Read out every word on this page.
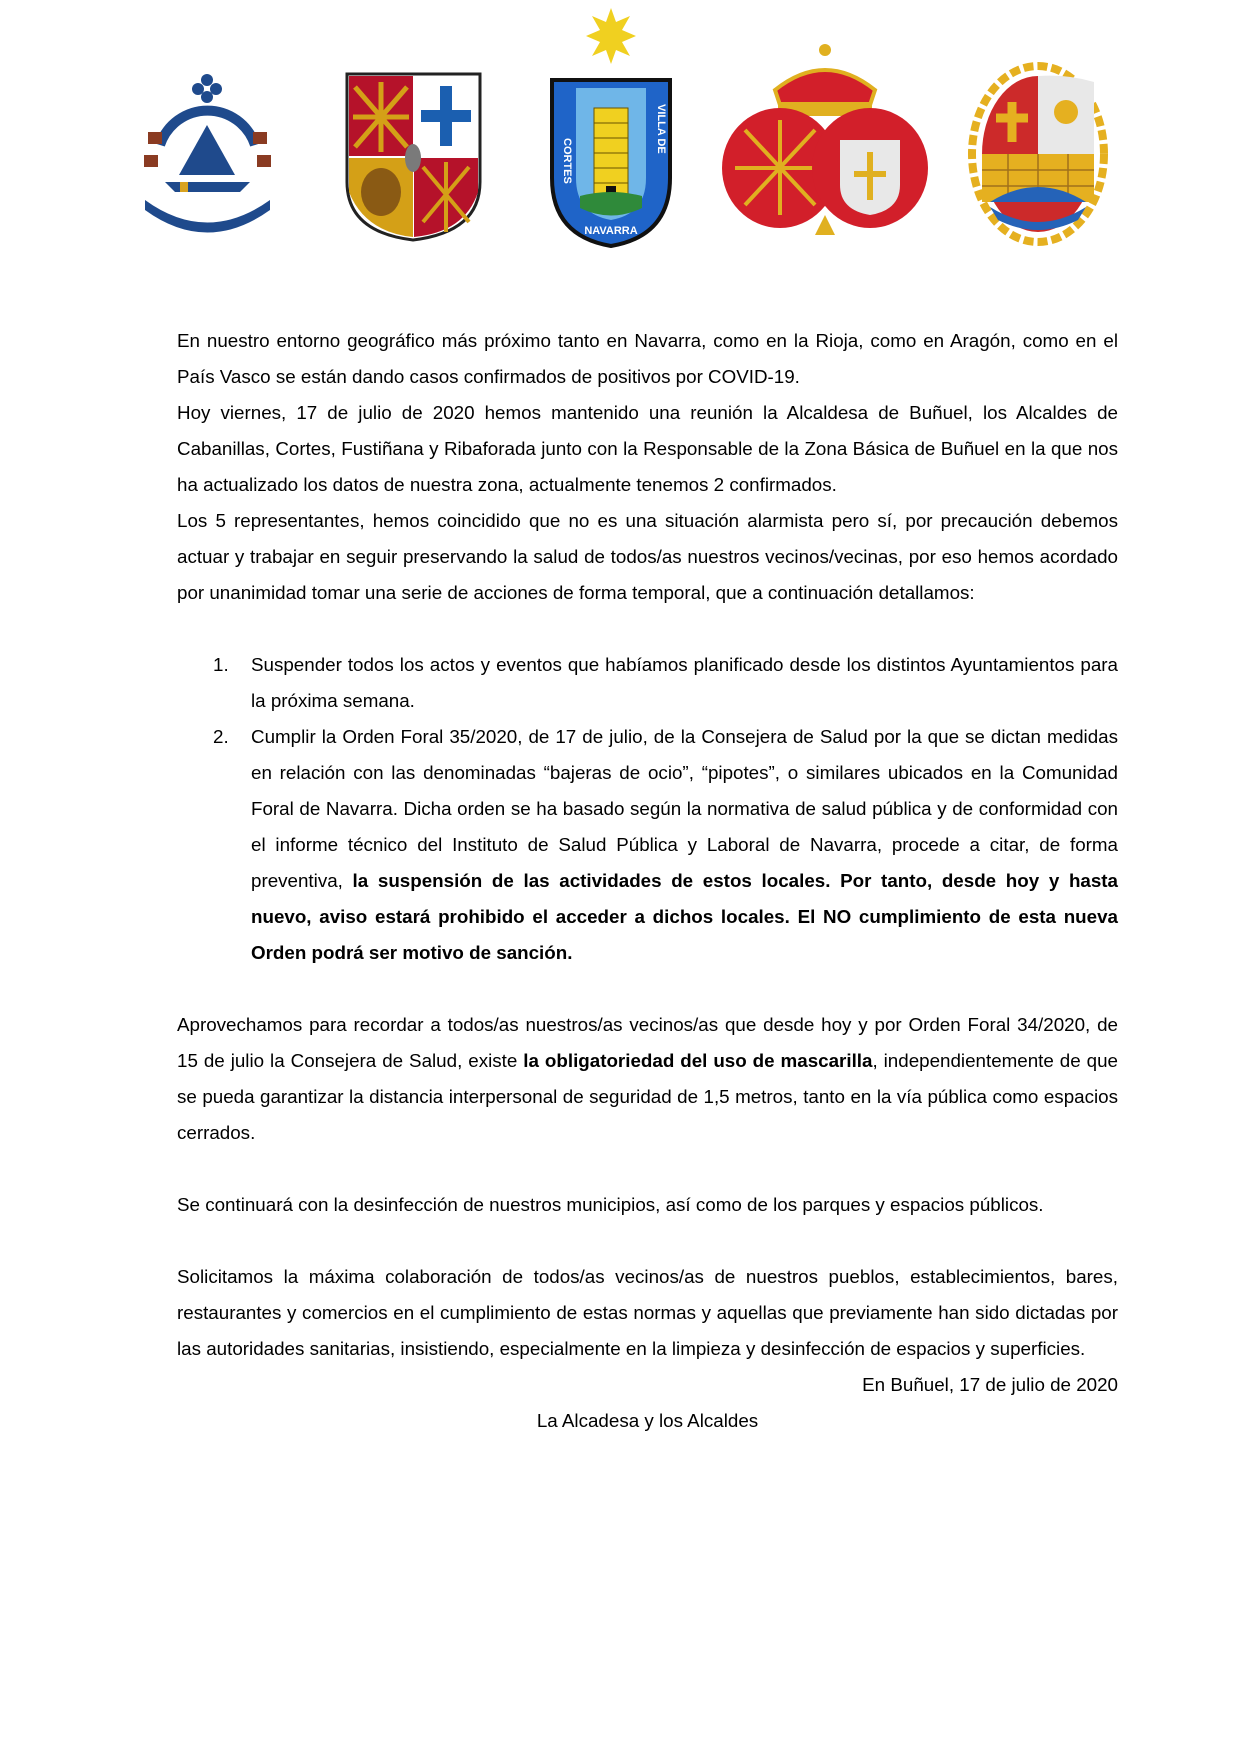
CORTES
VILLA DE
NAVARRA

En nuestro entorno geográfico más próximo tanto en Navarra, como en la Rioja, como en Aragón, como en el País Vasco se están dando casos confirmados de positivos por COVID-19.

Hoy viernes, 17 de julio de 2020 hemos mantenido una reunión la Alcaldesa de Buñuel, los Alcaldes de Cabanillas, Cortes, Fustiñana y Ribaforada junto con la Responsable de la Zona Básica de Buñuel en la que nos ha actualizado los datos de nuestra zona, actualmente tenemos 2 confirmados.

Los 5 representantes, hemos coincidido que no es una situación alarmista pero sí, por precaución debemos actuar y trabajar en seguir preservando la salud de todos/as nuestros vecinos/vecinas, por eso hemos acordado por unanimidad tomar una serie de acciones de forma temporal, que a continuación detallamos:

1. Suspender todos los actos y eventos que habíamos planificado desde los distintos Ayuntamientos para la próxima semana.
2. Cumplir la Orden Foral 35/2020, de 17 de julio, de la Consejera de Salud por la que se dictan medidas en relación con las denominadas “bajeras de ocio”, “pipotes”, o similares ubicados en la Comunidad Foral de Navarra. Dicha orden se ha basado según la normativa de salud pública y de conformidad con el informe técnico del Instituto de Salud Pública y Laboral de Navarra, procede a citar, de forma preventiva, la suspensión de las actividades de estos locales. Por tanto, desde hoy y hasta nuevo, aviso estará prohibido el acceder a dichos locales. El NO cumplimiento de esta nueva Orden podrá ser motivo de sanción.

Aprovechamos para recordar a todos/as nuestros/as vecinos/as que desde hoy y por Orden Foral 34/2020, de 15 de julio la Consejera de Salud, existe la obligatoriedad del uso de mascarilla, independientemente de que se pueda garantizar la distancia interpersonal de seguridad de 1,5 metros, tanto en la vía pública como espacios cerrados.

Se continuará con la desinfección de nuestros municipios, así como de los parques y espacios públicos.

Solicitamos la máxima colaboración de todos/as vecinos/as de nuestros pueblos, establecimientos, bares, restaurantes y comercios en el cumplimiento de estas normas y aquellas que previamente han sido dictadas por las autoridades sanitarias, insistiendo, especialmente en la limpieza y desinfección de espacios y superficies.

En Buñuel, 17 de julio de 2020

La Alcadesa y los Alcaldes
